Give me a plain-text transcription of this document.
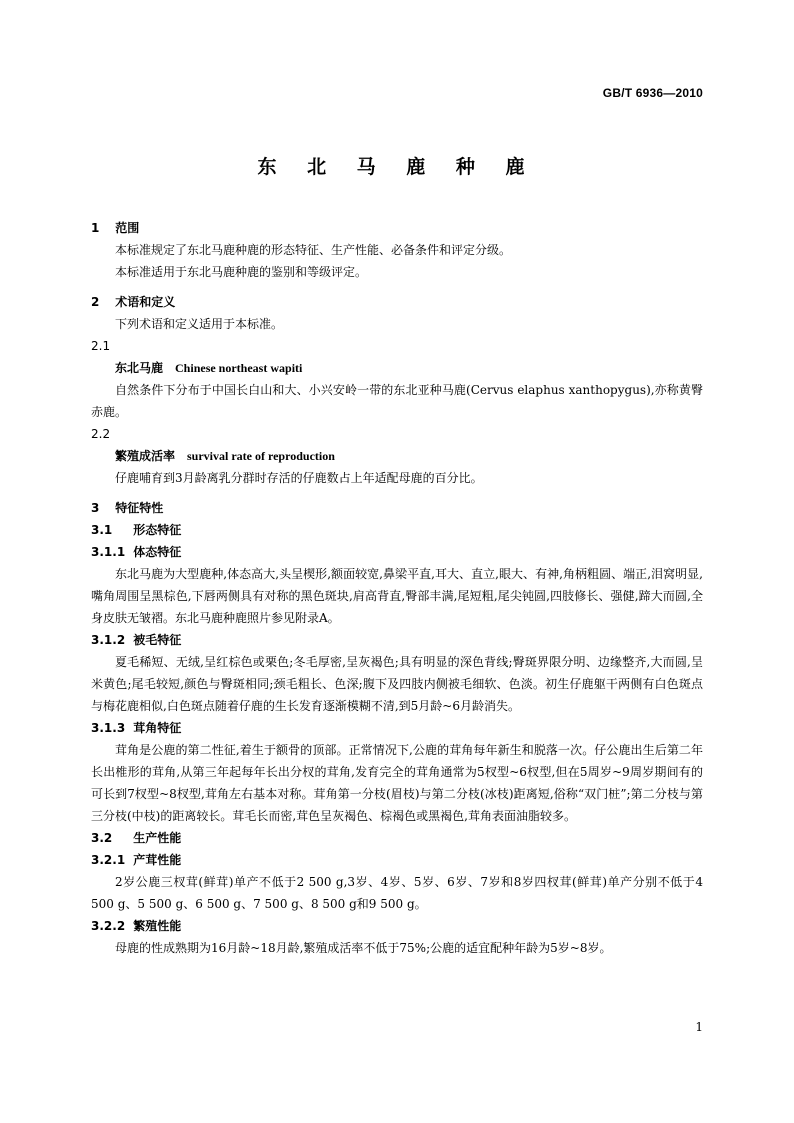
GB/T 6936—2010
东 北 马 鹿 种 鹿
1 范围
本标准规定了东北马鹿种鹿的形态特征、生产性能、必备条件和评定分级。
本标准适用于东北马鹿种鹿的鉴别和等级评定。
2 术语和定义
下列术语和定义适用于本标准。
2.1
东北马鹿 Chinese northeast wapiti
自然条件下分布于中国长白山和大、小兴安岭一带的东北亚种马鹿(Cervus elaphus xanthopygus),亦称黄臀赤鹿。
2.2
繁殖成活率 survival rate of reproduction
仔鹿哺育到3月龄离乳分群时存活的仔鹿数占上年适配母鹿的百分比。
3 特征特性
3.1 形态特征
3.1.1 体态特征
东北马鹿为大型鹿种,体态高大,头呈楔形,额面较宽,鼻梁平直,耳大、直立,眼大、有神,角柄粗圆、端正,泪窝明显,嘴角周围呈黑棕色,下唇两侧具有对称的黑色斑块,肩高背直,臀部丰满,尾短粗,尾尖钝圆,四肢修长、强健,蹄大而圆,全身皮肤无皱褶。东北马鹿种鹿照片参见附录A。
3.1.2 被毛特征
夏毛稀短、无绒,呈红棕色或栗色;冬毛厚密,呈灰褐色;具有明显的深色背线;臀斑界限分明、边缘整齐,大而圆,呈米黄色;尾毛较短,颜色与臀斑相同;颈毛粗长、色深;腹下及四肢内侧被毛细软、色淡。初生仔鹿躯干两侧有白色斑点与梅花鹿相似,白色斑点随着仔鹿的生长发育逐渐模糊不清,到5月龄~6月龄消失。
3.1.3 茸角特征
茸角是公鹿的第二性征,着生于额骨的顶部。正常情况下,公鹿的茸角每年新生和脱落一次。仔公鹿出生后第二年长出椎形的茸角,从第三年起每年长出分杈的茸角,发育完全的茸角通常为5杈型~6杈型,但在5周岁~9周岁期间有的可长到7杈型~8杈型,茸角左右基本对称。茸角第一分枝(眉枝)与第二分枝(冰枝)距离短,俗称“双门桩”;第二分枝与第三分枝(中枝)的距离较长。茸毛长而密,茸色呈灰褐色、棕褐色或黑褐色,茸角表面油脂较多。
3.2 生产性能
3.2.1 产茸性能
2岁公鹿三杈茸(鲜茸)单产不低于2 500 g,3岁、4岁、5岁、6岁、7岁和8岁四杈茸(鲜茸)单产分别不低于4 500 g、5 500 g、6 500 g、7 500 g、8 500 g和9 500 g。
3.2.2 繁殖性能
母鹿的性成熟期为16月龄~18月龄,繁殖成活率不低于75%;公鹿的适宜配种年龄为5岁~8岁。
1
